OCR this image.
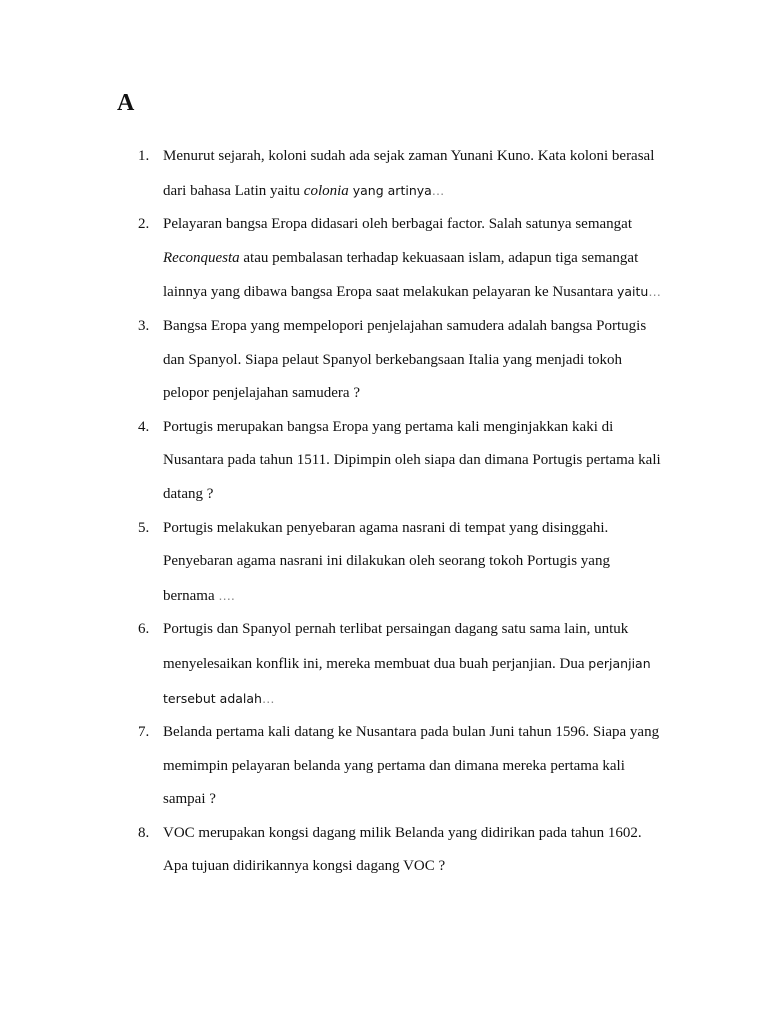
A
1. Menurut sejarah, koloni sudah ada sejak zaman Yunani Kuno. Kata koloni berasal dari bahasa Latin yaitu colonia yang artinya…
2. Pelayaran bangsa Eropa didasari oleh berbagai factor. Salah satunya semangat Reconquesta atau pembalasan terhadap kekuasaan islam, adapun tiga semangat lainnya yang dibawa bangsa Eropa saat melakukan pelayaran ke Nusantara yaitu…
3. Bangsa Eropa yang mempelopori penjelajahan samudera adalah bangsa Portugis dan Spanyol. Siapa pelaut Spanyol berkebangsaan Italia yang menjadi tokoh pelopor penjelajahan samudera ?
4. Portugis merupakan bangsa Eropa yang pertama kali menginjakkan kaki di Nusantara pada tahun 1511. Dipimpin oleh siapa dan dimana Portugis pertama kali datang ?
5. Portugis melakukan penyebaran agama nasrani di tempat yang disinggahi. Penyebaran agama nasrani ini dilakukan oleh seorang tokoh Portugis yang bernama ….
6. Portugis dan Spanyol pernah terlibat persaingan dagang satu sama lain, untuk menyelesaikan konflik ini, mereka membuat dua buah perjanjian. Dua perjanjian tersebut adalah…
7. Belanda pertama kali datang ke Nusantara pada bulan Juni tahun 1596. Siapa yang memimpin pelayaran belanda yang pertama dan dimana mereka pertama kali sampai ?
8. VOC merupakan kongsi dagang milik Belanda yang didirikan pada tahun 1602. Apa tujuan didirikannya kongsi dagang VOC ?
